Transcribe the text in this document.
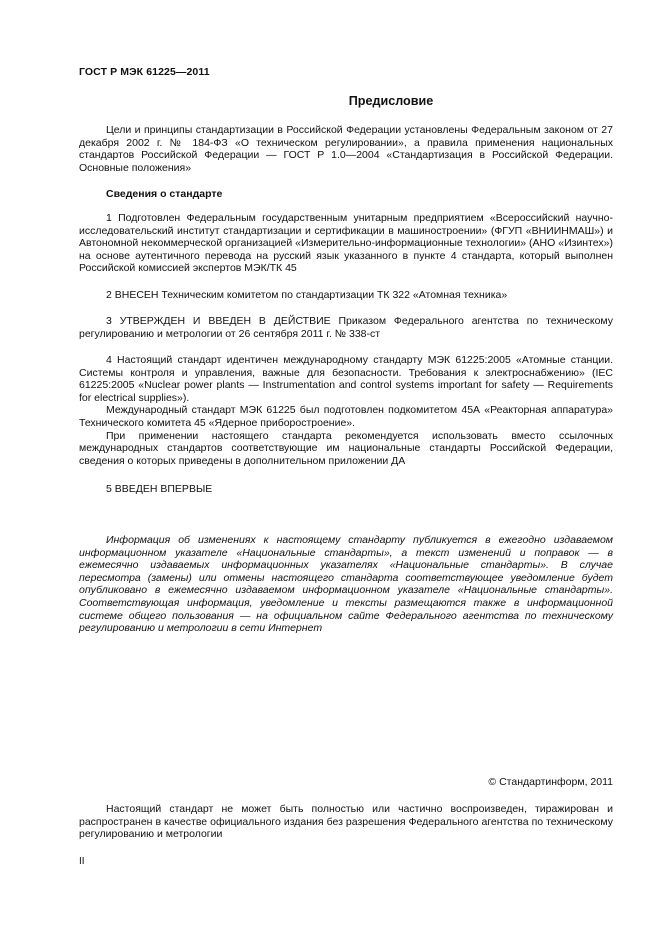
ГОСТ Р МЭК 61225—2011
Предисловие

Цели и принципы стандартизации в Российской Федерации установлены Федеральным законом от 27 декабря 2002 г. № 184-ФЗ «О техническом регулировании», а правила применения национальных стандартов Российской Федерации — ГОСТ Р 1.0—2004 «Стандартизация в Российской Федерации. Основные положения»

Сведения о стандарте

1 Подготовлен Федеральным государственным унитарным предприятием «Всероссийский научно-исследовательский институт стандартизации и сертификации в машиностроении» (ФГУП «ВНИИНМАШ») и Автономной некоммерческой организацией «Измерительно-информационные технологии» (АНО «Изинтех») на основе аутентичного перевода на русский язык указанного в пункте 4 стандарта, который выполнен Российской комиссией экспертов МЭК/ТК 45

2 ВНЕСЕН Техническим комитетом по стандартизации ТК 322 «Атомная техника»

3 УТВЕРЖДЕН И ВВЕДЕН В ДЕЙСТВИЕ Приказом Федерального агентства по техническому регулированию и метрологии от 26 сентября 2011 г. № 338-ст

4 Настоящий стандарт идентичен международному стандарту МЭК 61225:2005 «Атомные станции. Системы контроля и управления, важные для безопасности. Требования к электроснабжению» (IEC 61225:2005 «Nuclear power plants — Instrumentation and control systems important for safety — Requirements for electrical supplies»).

Международный стандарт МЭК 61225 был подготовлен подкомитетом 45А «Реакторная аппаратура» Технического комитета 45 «Ядерное приборостроение».

При применении настоящего стандарта рекомендуется использовать вместо ссылочных международных стандартов соответствующие им национальные стандарты Российской Федерации, сведения о которых приведены в дополнительном приложении ДА

5 ВВЕДЕН ВПЕРВЫЕ

Информация об изменениях к настоящему стандарту публикуется в ежегодно издаваемом информационном указателе «Национальные стандарты», а текст изменений и поправок — в ежемесячно издаваемых информационных указателях «Национальные стандарты». В случае пересмотра (замены) или отмены настоящего стандарта соответствующее уведомление будет опубликовано в ежемесячно издаваемом информационном указателе «Национальные стандарты». Соответствующая информация, уведомление и тексты размещаются также в информационной системе общего пользования — на официальном сайте Федерального агентства по техническому регулированию и метрологии в сети Интернет

© Стандартинформ, 2011

Настоящий стандарт не может быть полностью или частично воспроизведен, тиражирован и распространен в качестве официального издания без разрешения Федерального агентства по техническому регулированию и метрологии

II
